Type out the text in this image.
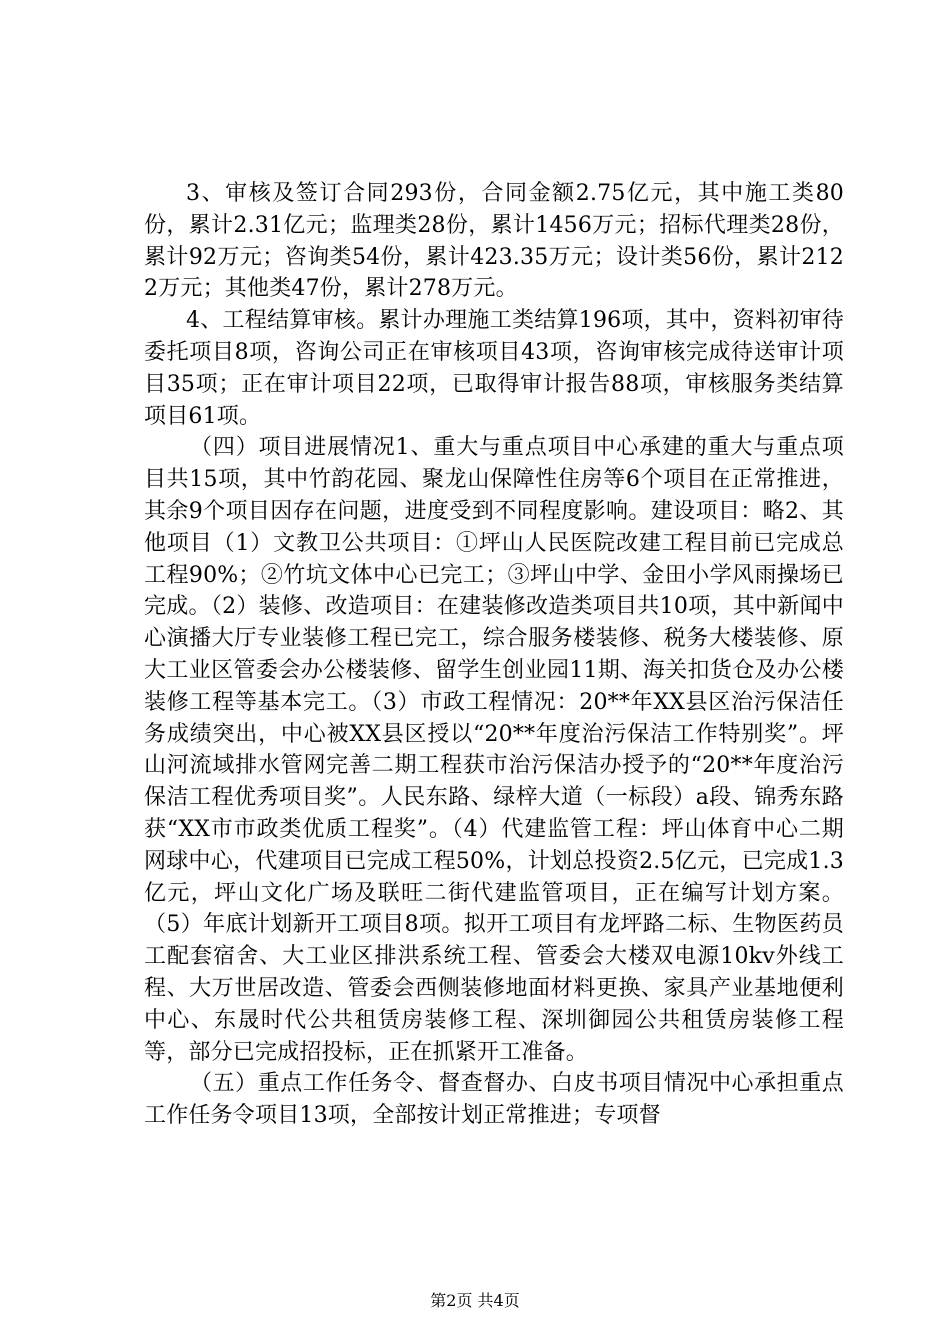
3、审核及签订合同293份，合同金额2.75亿元，其中施工类80份，累计2.31亿元；监理类28份，累计1456万元；招标代理类28份，累计92万元；咨询类54份，累计423.35万元；设计类56份，累计2122万元；其他类47份，累计278万元。

4、工程结算审核。累计办理施工类结算196项，其中，资料初审待委托项目8项，咨询公司正在审核项目43项，咨询审核完成待送审计项目35项；正在审计项目22项，已取得审计报告88项，审核服务类结算项目61项。

（四）项目进展情况1、重大与重点项目中心承建的重大与重点项目共15项，其中竹韵花园、聚龙山保障性住房等6个项目在正常推进，其余9个项目因存在问题，进度受到不同程度影响。建设项目：略2、其他项目（1）文教卫公共项目：①坪山人民医院改建工程目前已完成总工程90%；②竹坑文体中心已完工；③坪山中学、金田小学风雨操场已完成。（2）装修、改造项目：在建装修改造类项目共10项，其中新闻中心演播大厅专业装修工程已完工，综合服务楼装修、税务大楼装修、原大工业区管委会办公楼装修、留学生创业园11期、海关扣货仓及办公楼装修工程等基本完工。（3）市政工程情况：20**年XX县区治污保洁任务成绩突出，中心被XX县区授以“20**年度治污保洁工作特别奖”。坪山河流域排水管网完善二期工程获市治污保洁办授予的“20**年度治污保洁工程优秀项目奖”。人民东路、绿梓大道（一标段）a段、锦秀东路获“XX市市政类优质工程奖”。（4）代建监管工程：坪山体育中心二期网球中心，代建项目已完成工程50%，计划总投资2.5亿元，已完成1.3亿元，坪山文化广场及联旺二街代建监管项目，正在编写计划方案。（5）年底计划新开工项目8项。拟开工项目有龙坪路二标、生物医药员工配套宿舍、大工业区排洪系统工程、管委会大楼双电源10kv外线工程、大万世居改造、管委会西侧装修地面材料更换、家具产业基地便利中心、东晟时代公共租赁房装修工程、深圳御园公共租赁房装修工程等，部分已完成招投标，正在抓紧开工准备。

（五）重点工作任务令、督查督办、白皮书项目情况中心承担重点工作任务令项目13项，全部按计划正常推进；专项督

第2页 共4页
